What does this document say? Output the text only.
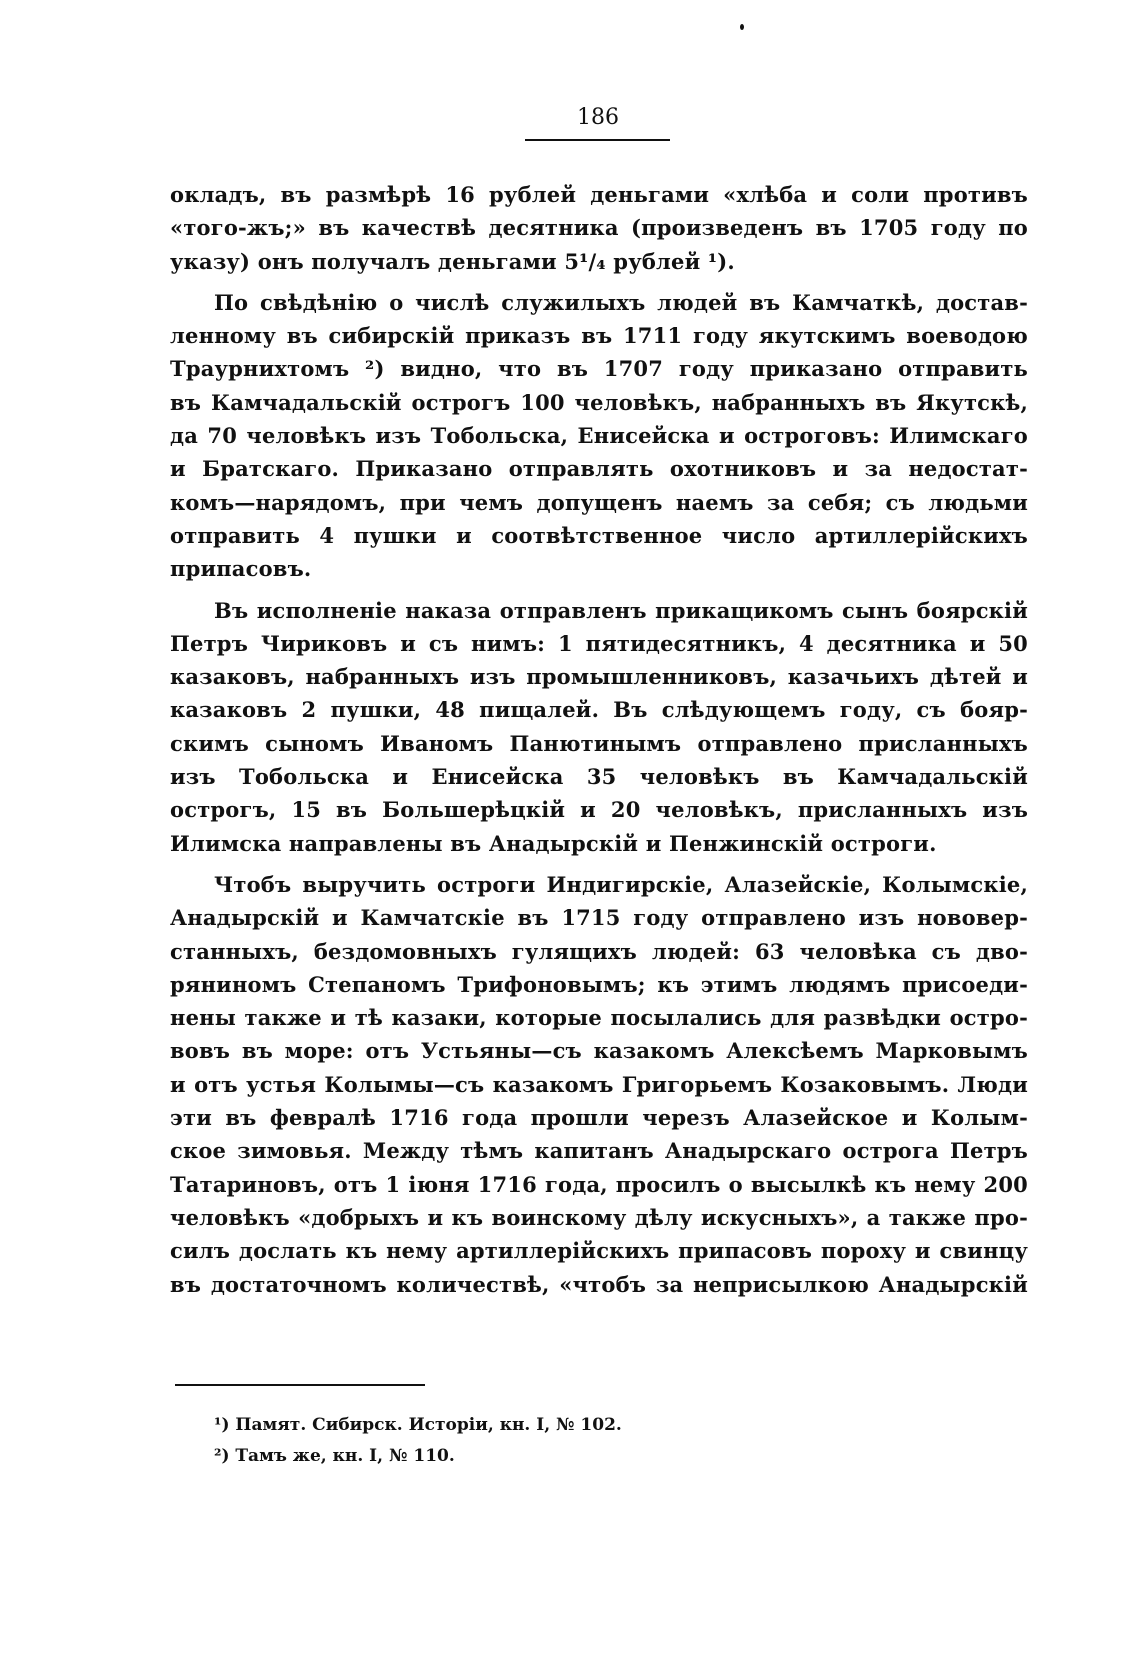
186
окладъ, въ размѣрѣ 16 рублей деньгами «хлѣба и соли противъ
«того-жъ;» въ качествѣ десятника (произведенъ въ 1705 году по
указу) онъ получалъ деньгами 5¹/₄ рублей ¹).
По свѣдѣнію о числѣ служилыхъ людей въ Камчаткѣ, достав-
ленному въ сибирскій приказъ въ 1711 году якутскимъ воеводою
Траурнихтомъ ²) видно, что въ 1707 году приказано отправить
въ Камчадальскій острогъ 100 человѣкъ, набранныхъ въ Якутскѣ,
да 70 человѣкъ изъ Тобольска, Енисейска и остроговъ: Илимскаго
и Братскаго. Приказано отправлять охотниковъ и за недостат-
комъ—нарядомъ, при чемъ допущенъ наемъ за себя; съ людьми
отправить 4 пушки и соотвѣтственное число артиллерійскихъ
припасовъ.
Въ исполненіе наказа отправленъ прикащикомъ сынъ боярскій
Петръ Чириковъ и съ нимъ: 1 пятидесятникъ, 4 десятника и 50
казаковъ, набранныхъ изъ промышленниковъ, казачьихъ дѣтей и
казаковъ 2 пушки, 48 пищалей. Въ слѣдующемъ году, съ бояр-
скимъ сыномъ Иваномъ Панютинымъ отправлено присланныхъ
изъ Тобольска и Енисейска 35 человѣкъ въ Камчадальскій
острогъ, 15 въ Большерѣцкій и 20 человѣкъ, присланныхъ изъ
Илимска направлены въ Анадырскій и Пенжинскій остроги.
Чтобъ выручить остроги Индигирскіе, Алазейскіе, Колымскіе,
Анадырскій и Камчатскіе въ 1715 году отправлено изъ нововер-
станныхъ, бездомовныхъ гулящихъ людей: 63 человѣка съ дво-
ряниномъ Степаномъ Трифоновымъ; къ этимъ людямъ присоеди-
нены также и тѣ казаки, которые посылались для развѣдки остро-
вовъ въ море: отъ Устьяны—съ казакомъ Алексѣемъ Марковымъ
и отъ устья Колымы—съ казакомъ Григорьемъ Козаковымъ. Люди
эти въ февралѣ 1716 года прошли черезъ Алазейское и Колым-
ское зимовья. Между тѣмъ капитанъ Анадырскаго острога Петръ
Татариновъ, отъ 1 іюня 1716 года, просилъ о высылкѣ къ нему 200
человѣкъ «добрыхъ и къ воинскому дѣлу искусныхъ», а также про-
силъ дослать къ нему артиллерійскихъ припасовъ пороху и свинцу
въ достаточномъ количествѣ, «чтобъ за неприсылкою Анадырскій
¹) Памят. Сибирск. Исторіи, кн. I, № 102.
²) Тамъ же, кн. I, № 110.
